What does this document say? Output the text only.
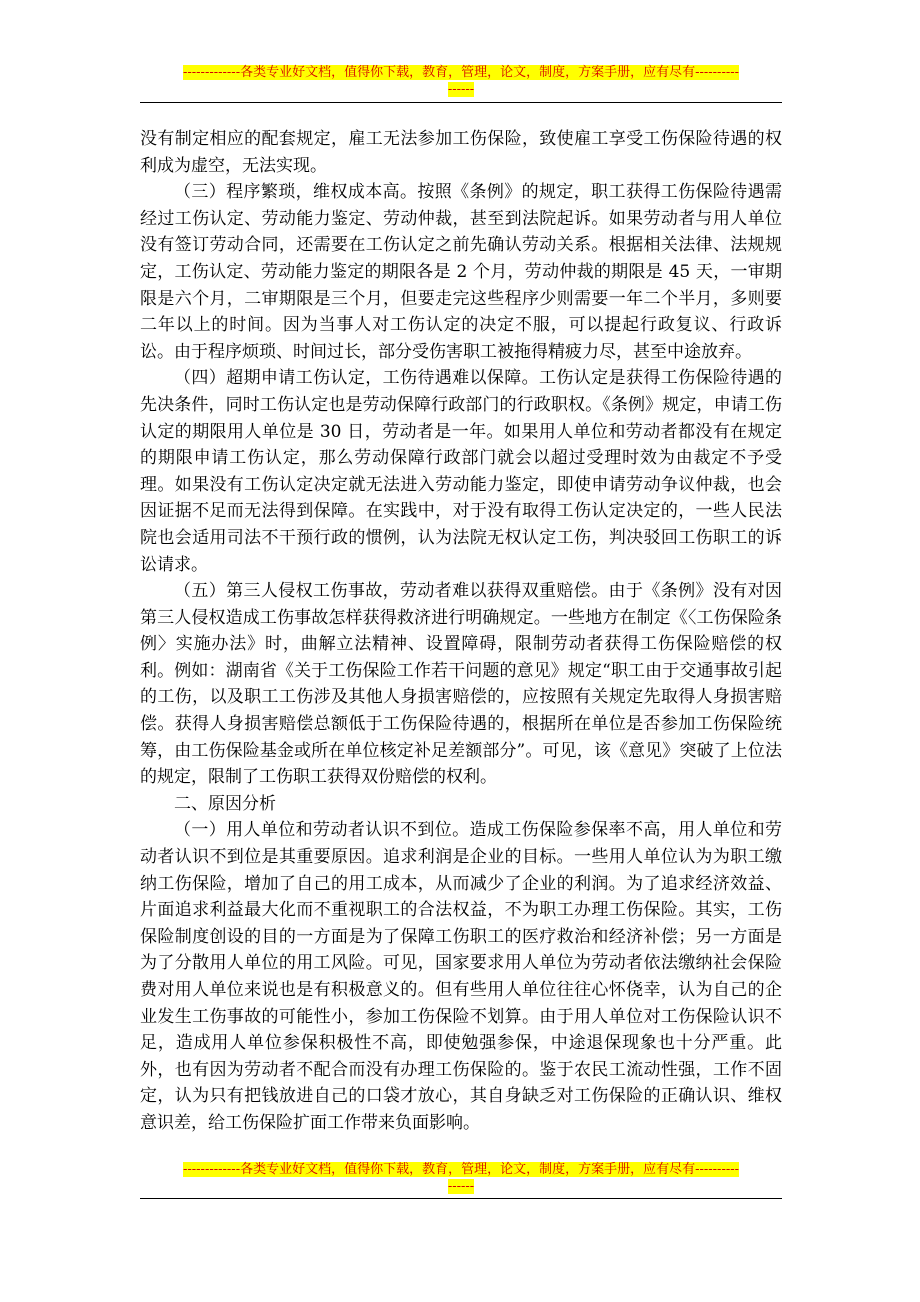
-------------各类专业好文档，值得你下载，教育，管理，论文，制度，方案手册，应有尽有----------
------

没有制定相应的配套规定，雇工无法参加工伤保险，致使雇工享受工伤保险待遇的权利成为虚空，无法实现。

（三）程序繁琐，维权成本高。按照《条例》的规定，职工获得工伤保险待遇需经过工伤认定、劳动能力鉴定、劳动仲裁，甚至到法院起诉。如果劳动者与用人单位没有签订劳动合同，还需要在工伤认定之前先确认劳动关系。根据相关法律、法规规定，工伤认定、劳动能力鉴定的期限各是 2 个月，劳动仲裁的期限是 45 天，一审期限是六个月，二审期限是三个月，但要走完这些程序少则需要一年二个半月，多则要二年以上的时间。因为当事人对工伤认定的决定不服，可以提起行政复议、行政诉讼。由于程序烦琐、时间过长，部分受伤害职工被拖得精疲力尽，甚至中途放弃。

（四）超期申请工伤认定，工伤待遇难以保障。工伤认定是获得工伤保险待遇的先决条件，同时工伤认定也是劳动保障行政部门的行政职权。《条例》规定，申请工伤认定的期限用人单位是 30 日，劳动者是一年。如果用人单位和劳动者都没有在规定的期限申请工伤认定，那么劳动保障行政部门就会以超过受理时效为由裁定不予受理。如果没有工伤认定决定就无法进入劳动能力鉴定，即使申请劳动争议仲裁，也会因证据不足而无法得到保障。在实践中，对于没有取得工伤认定决定的，一些人民法院也会适用司法不干预行政的惯例，认为法院无权认定工伤，判决驳回工伤职工的诉讼请求。

（五）第三人侵权工伤事故，劳动者难以获得双重赔偿。由于《条例》没有对因第三人侵权造成工伤事故怎样获得救济进行明确规定。一些地方在制定《〈工伤保险条例〉实施办法》时，曲解立法精神、设置障碍，限制劳动者获得工伤保险赔偿的权利。例如：湖南省《关于工伤保险工作若干问题的意见》规定“职工由于交通事故引起的工伤，以及职工工伤涉及其他人身损害赔偿的，应按照有关规定先取得人身损害赔偿。获得人身损害赔偿总额低于工伤保险待遇的，根据所在单位是否参加工伤保险统筹，由工伤保险基金或所在单位核定补足差额部分”。可见，该《意见》突破了上位法的规定，限制了工伤职工获得双份赔偿的权利。

二、原因分析

（一）用人单位和劳动者认识不到位。造成工伤保险参保率不高，用人单位和劳动者认识不到位是其重要原因。追求利润是企业的目标。一些用人单位认为为职工缴纳工伤保险，增加了自己的用工成本，从而减少了企业的利润。为了追求经济效益、片面追求利益最大化而不重视职工的合法权益，不为职工办理工伤保险。其实，工伤保险制度创设的目的一方面是为了保障工伤职工的医疗救治和经济补偿；另一方面是为了分散用人单位的用工风险。可见，国家要求用人单位为劳动者依法缴纳社会保险费对用人单位来说也是有积极意义的。但有些用人单位往往心怀侥幸，认为自己的企业发生工伤事故的可能性小，参加工伤保险不划算。由于用人单位对工伤保险认识不足，造成用人单位参保积极性不高，即使勉强参保，中途退保现象也十分严重。此外，也有因为劳动者不配合而没有办理工伤保险的。鉴于农民工流动性强，工作不固定，认为只有把钱放进自己的口袋才放心，其自身缺乏对工伤保险的正确认识、维权意识差，给工伤保险扩面工作带来负面影响。

-------------各类专业好文档，值得你下载，教育，管理，论文，制度，方案手册，应有尽有----------
------
